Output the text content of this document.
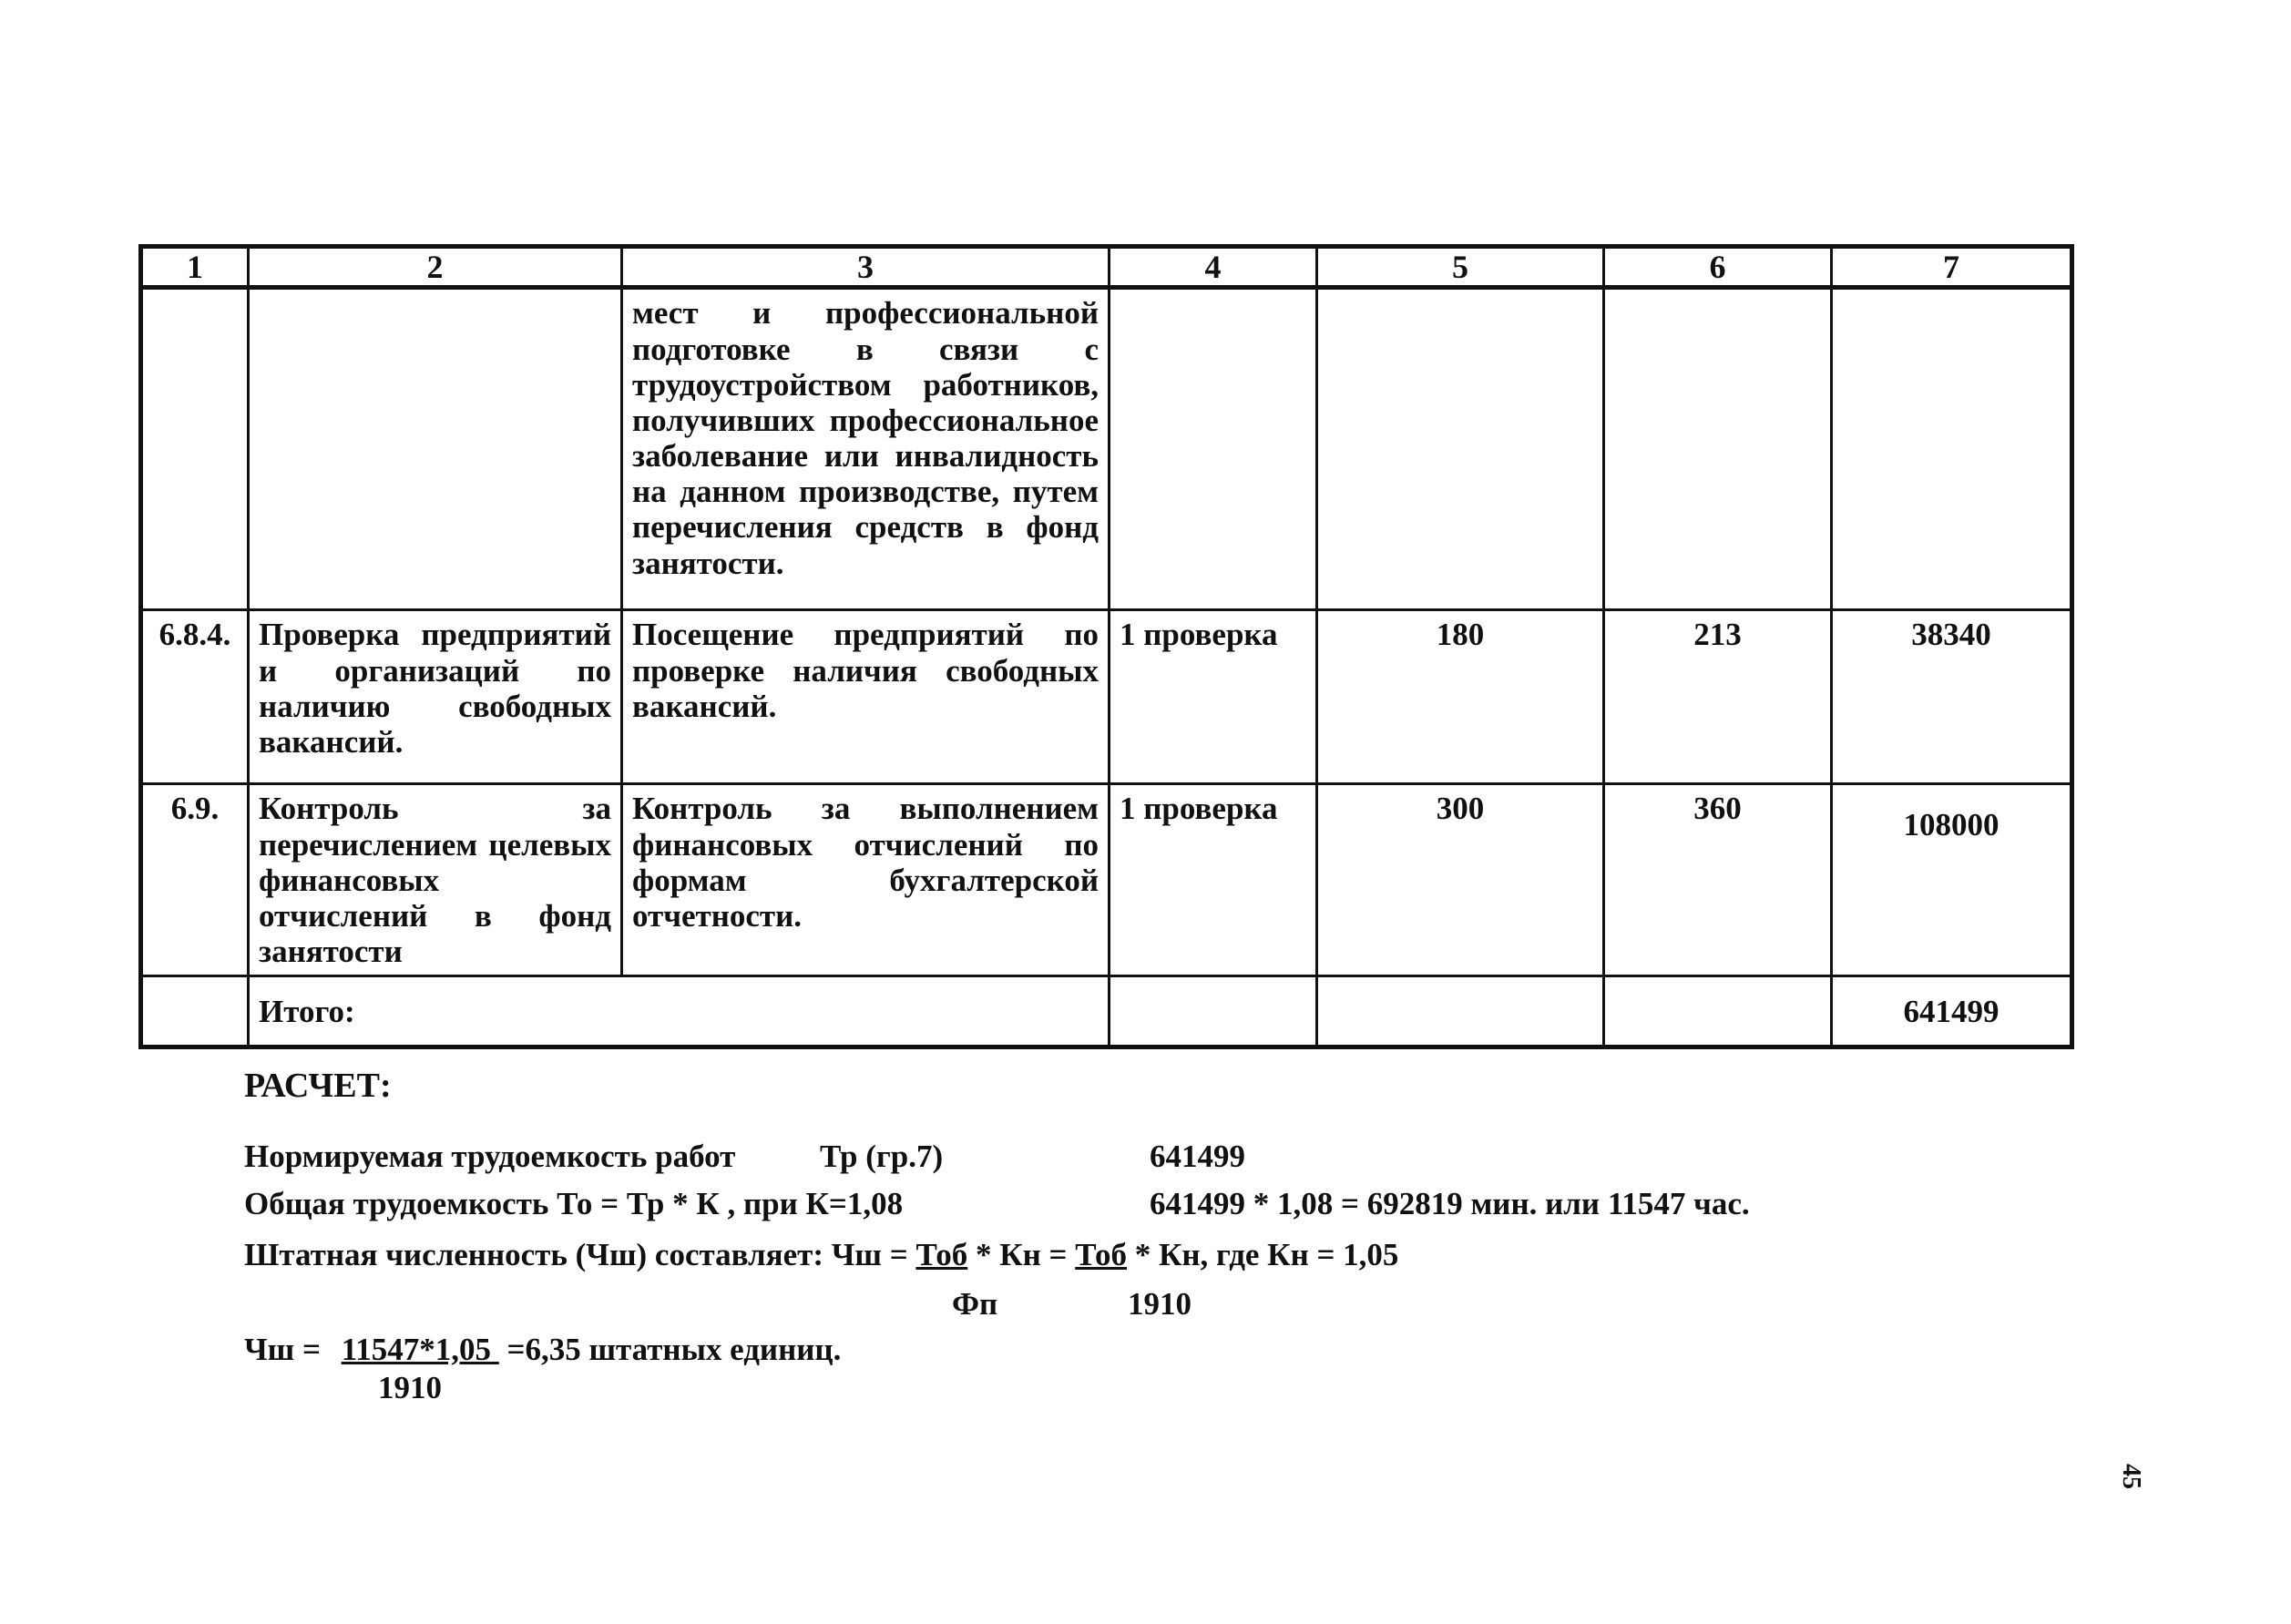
1	2	3	4	5	6	7
		мест и профессиональной подготовке в связи с трудоустройством работников, получивших профессиональное заболевание или инвалидность на данном производстве, путем перечисления средств в фонд занятости.				
6.8.4.	Проверка предприятий и организаций по наличию свободных вакансий.	Посещение предприятий по проверке наличия свободных вакансий.	1 проверка	180	213	38340
6.9.	Контроль за перечислением целевых финансовых отчислений в фонд занятости	Контроль за выполнением финансовых отчислений по формам бухгалтерской отчетности.	1 проверка	300	360	108000
	Итого:					641499
РАСЧЕТ:
Нормируемая трудоемкость работ	Тр (гр.7)	641499
Общая трудоемкость То = Тр * К , при К=1,08	641499 * 1,08 = 692819 мин. или 11547 час.
Штатная численность (Чш) составляет: Чш = Тоб * Кн = Тоб * Кн, где Кн = 1,05
Фп	1910
Чш = 11547*1,05 =6,35 штатных единиц.
1910
45
